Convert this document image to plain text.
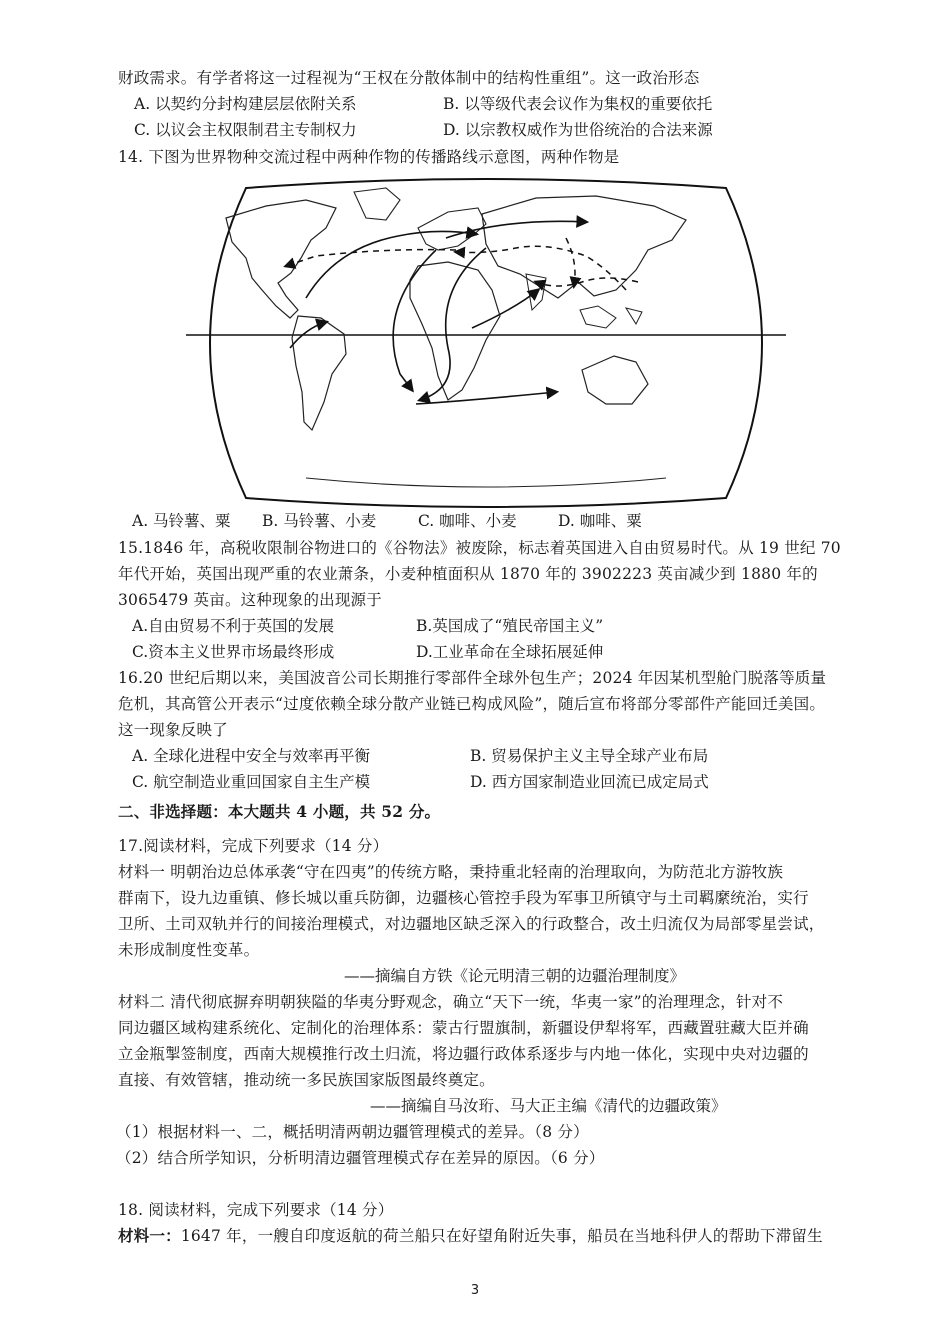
财政需求。有学者将这一过程视为“王权在分散体制中的结构性重组”。这一政治形态
A. 以契约分封构建层层依附关系	B. 以等级代表会议作为集权的重要依托
C. 以议会主权限制君主专制权力	D. 以宗教权威作为世俗统治的合法来源
14. 下图为世界物种交流过程中两种作物的传播路线示意图，两种作物是
A. 马铃薯、粟 B. 马铃薯、小麦	C. 咖啡、小麦	D. 咖啡、粟
15.1846 年，高税收限制谷物进口的《谷物法》被废除，标志着英国进入自由贸易时代。从 19 世纪 70
年代开始，英国出现严重的农业萧条，小麦种植面积从 1870 年的 3902223 英亩减少到 1880 年的
3065479 英亩。这种现象的出现源于
A.自由贸易不利于英国的发展	B.英国成了“殖民帝国主义”
C.资本主义世界市场最终形成	D.工业革命在全球拓展延伸
16.20 世纪后期以来，美国波音公司长期推行零部件全球外包生产；2024 年因某机型舱门脱落等质量
危机，其高管公开表示“过度依赖全球分散产业链已构成风险”，随后宣布将部分零部件产能回迁美国。
这一现象反映了
A. 全球化进程中安全与效率再平衡	B. 贸易保护主义主导全球产业布局
C. 航空制造业重回国家自主生产模	D. 西方国家制造业回流已成定局式
二、非选择题：本大题共 4 小题，共 52 分。
17.阅读材料，完成下列要求（14 分）
材料一 明朝治边总体承袭“守在四夷”的传统方略，秉持重北轻南的治理取向，为防范北方游牧族
群南下，设九边重镇、修长城以重兵防御，边疆核心管控手段为军事卫所镇守与土司羁縻统治，实行
卫所、土司双轨并行的间接治理模式，对边疆地区缺乏深入的行政整合，改土归流仅为局部零星尝试，
未形成制度性变革。
——摘编自方铁《论元明清三朝的边疆治理制度》
材料二 清代彻底摒弃明朝狭隘的华夷分野观念，确立“天下一统，华夷一家”的治理理念，针对不
同边疆区域构建系统化、定制化的治理体系：蒙古行盟旗制，新疆设伊犁将军，西藏置驻藏大臣并确
立金瓶掣签制度，西南大规模推行改土归流，将边疆行政体系逐步与内地一体化，实现中央对边疆的
直接、有效管辖，推动统一多民族国家版图最终奠定。
——摘编自马汝珩、马大正主编《清代的边疆政策》
（1）根据材料一、二，概括明清两朝边疆管理模式的差异。（8 分）
（2）结合所学知识，分析明清边疆管理模式存在差异的原因。（6 分）
18. 阅读材料，完成下列要求（14 分）
材料一：1647 年，一艘自印度返航的荷兰船只在好望角附近失事，船员在当地科伊人的帮助下滞留生
3
